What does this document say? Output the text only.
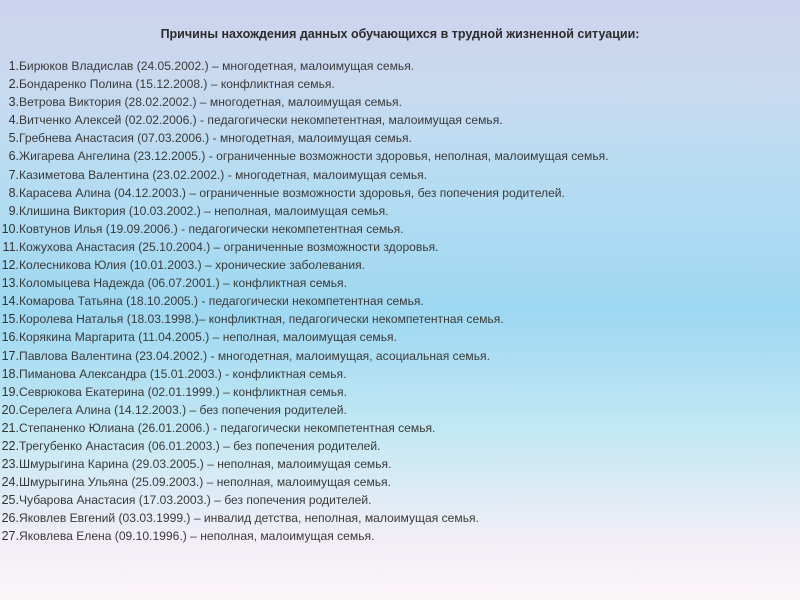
Причины нахождения данных обучающихся в трудной жизненной ситуации:
1. Бирюков Владислав (24.05.2002.) – многодетная, малоимущая семья.
2. Бондаренко Полина (15.12.2008.) – конфликтная семья.
3. Ветрова Виктория (28.02.2002.) – многодетная, малоимущая семья.
4. Витченко Алексей (02.02.2006.) - педагогически некомпетентная, малоимущая семья.
5. Гребнева Анастасия (07.03.2006.) - многодетная, малоимущая семья.
6. Жигарева Ангелина (23.12.2005.) - ограниченные возможности здоровья, неполная, малоимущая семья.
7. Казиметова Валентина (23.02.2002.) - многодетная, малоимущая семья.
8. Карасева Алина (04.12.2003.) – ограниченные возможности здоровья, без попечения родителей.
9. Клишина Виктория (10.03.2002.) – неполная, малоимущая семья.
10. Ковтунов Илья (19.09.2006.) - педагогически некомпетентная семья.
11. Кожухова Анастасия (25.10.2004.) – ограниченные возможности здоровья.
12. Колесникова Юлия (10.01.2003.) – хронические заболевания.
13. Коломыцева Надежда (06.07.2001.) – конфликтная семья.
14. Комарова Татьяна (18.10.2005.) - педагогически некомпетентная семья.
15. Королева Наталья (18.03.1998.)– конфликтная, педагогически некомпетентная семья.
16. Корякина Маргарита (11.04.2005.) – неполная, малоимущая семья.
17. Павлова Валентина (23.04.2002.) - многодетная, малоимущая, асоциальная семья.
18. Пиманова Александра (15.01.2003.) - конфликтная семья.
19. Севрюкова Екатерина (02.01.1999.) – конфликтная семья.
20. Серелега Алина (14.12.2003.) – без попечения родителей.
21. Степаненко Юлиана (26.01.2006.) - педагогически некомпетентная семья.
22. Трегубенко Анастасия (06.01.2003.) – без попечения родителей.
23. Шмурыгина Карина (29.03.2005.) – неполная, малоимущая семья.
24. Шмурыгина Ульяна (25.09.2003.) – неполная, малоимущая семья.
25. Чубарова Анастасия (17.03.2003.) – без попечения родителей.
26. Яковлев Евгений (03.03.1999.) – инвалид детства, неполная, малоимущая семья.
27. Яковлева Елена (09.10.1996.) – неполная, малоимущая семья.
